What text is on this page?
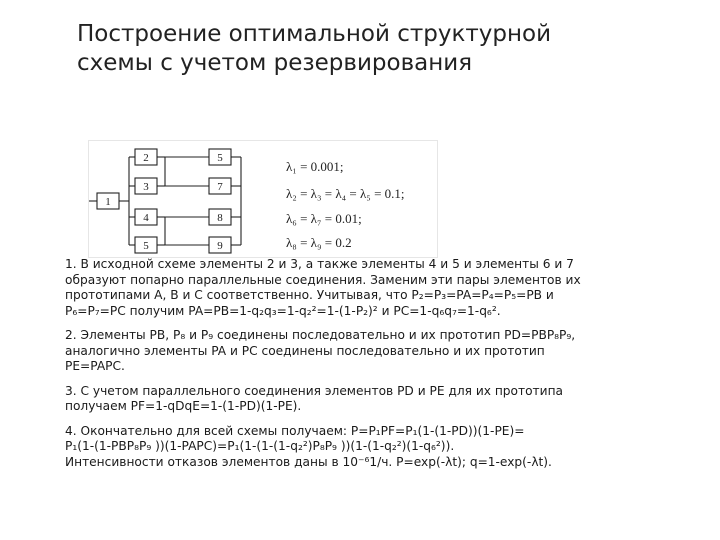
Построение оптимальной структурной
схемы с учетом резервирования
1
2
3
4
5
5
7
8
9
λ₁ = 0.001;
λ₂ = λ₃ = λ₄ = λ₅ = 0.1;
λ₆ = λ₇ = 0.01;
λ₈ = λ₉ = 0.2
1. В исходной схеме элементы 2 и 3, а также элементы 4 и 5 и элементы 6 и 7
образуют попарно параллельные соединения. Заменим эти пары элементов их
прототипами А, В и С соответственно. Учитывая, что P₂=P₃=PA=P₄=P₅=PB и
P₆=P₇=PC получим PA=PB=1-q₂q₃=1-q₂²=1-(1-P₂)² и PC=1-q₆q₇=1-q₆².
2. Элементы PB, P₈ и P₉ соединены последовательно и их прототип PD=PBP₈P₉,
аналогично элементы PA и PC соединены последовательно и их прототип
PE=PAPC.
3. С учетом параллельного соединения элементов PD и PE для их прототипа
получаем PF=1-qDqE=1-(1-PD)(1-PE).
4. Окончательно для всей схемы получаем: P=P₁PF=P₁(1-(1-PD))(1-PE)=
P₁(1-(1-PBP₈P₉ ))(1-PAPC)=P₁(1-(1-(1-q₂²)P₈P₉ ))(1-(1-q₂²)(1-q₆²)).
Интенсивности отказов элементов даны в 10⁻⁶1/ч. P=exp(-λt); q=1-exp(-λt).
